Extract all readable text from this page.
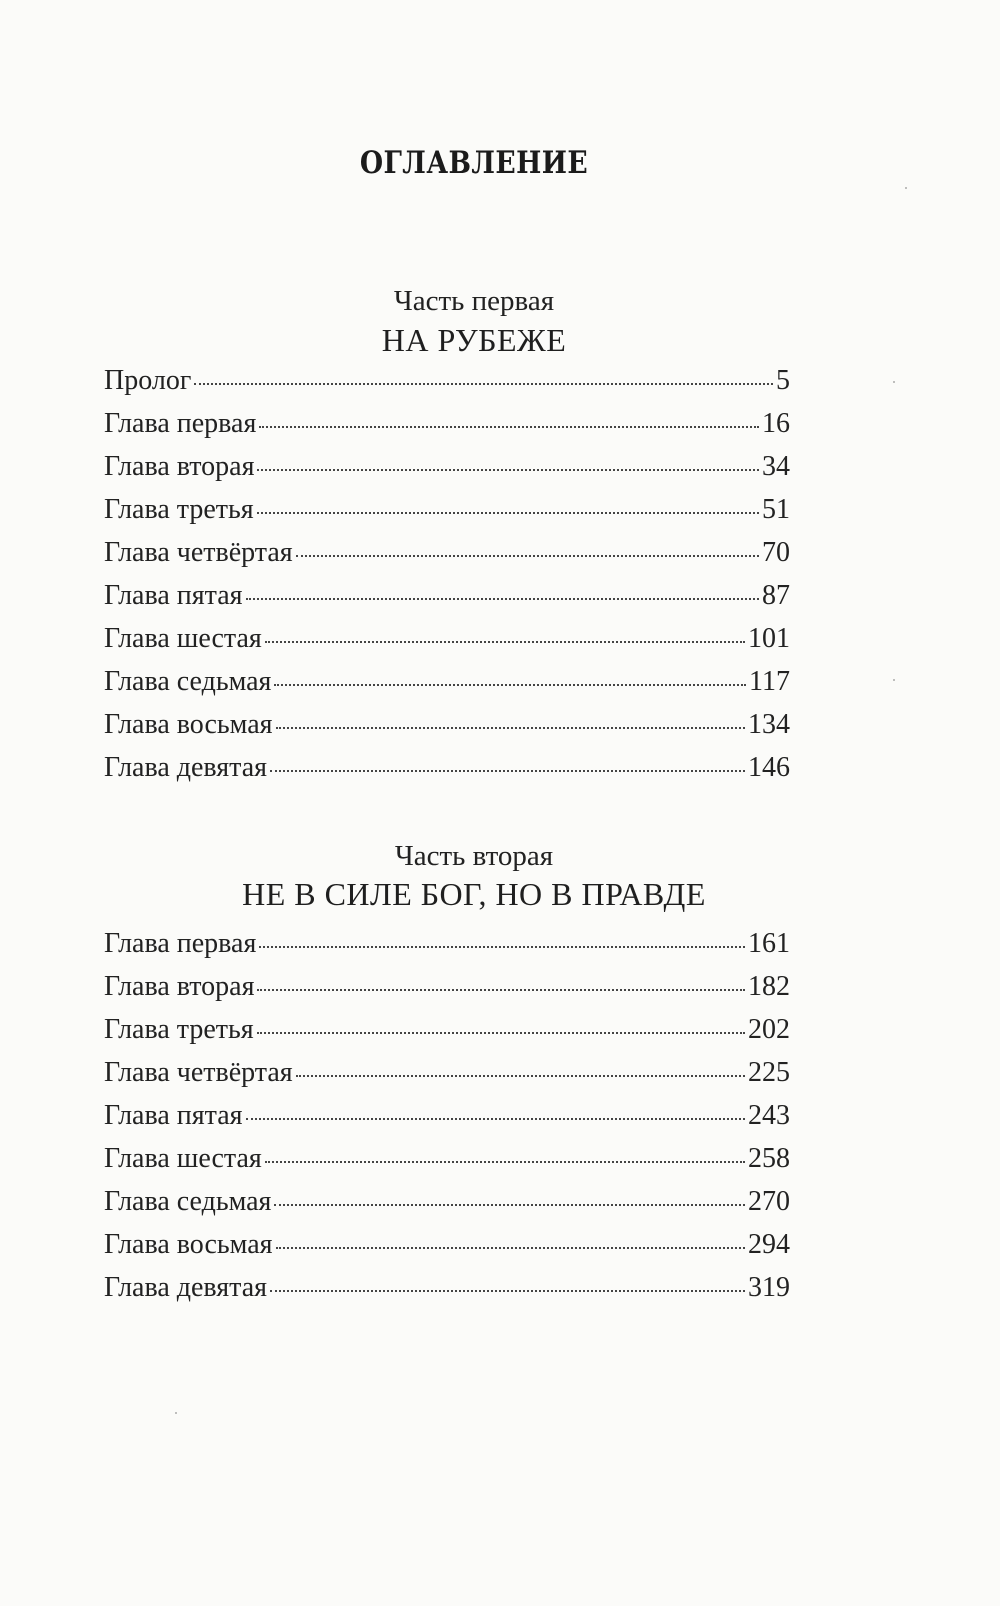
ОГЛАВЛЕНИЕ
Часть первая
НА РУБЕЖЕ
Пролог	5
Глава первая	16
Глава вторая	34
Глава третья	51
Глава четвёртая	70
Глава пятая	87
Глава шестая	101
Глава седьмая	117
Глава восьмая	134
Глава девятая	146
Часть вторая
НЕ В СИЛЕ БОГ, НО В ПРАВДЕ
Глава первая	161
Глава вторая	182
Глава третья	202
Глава четвёртая	225
Глава пятая	243
Глава шестая	258
Глава седьмая	270
Глава восьмая	294
Глава девятая	319
